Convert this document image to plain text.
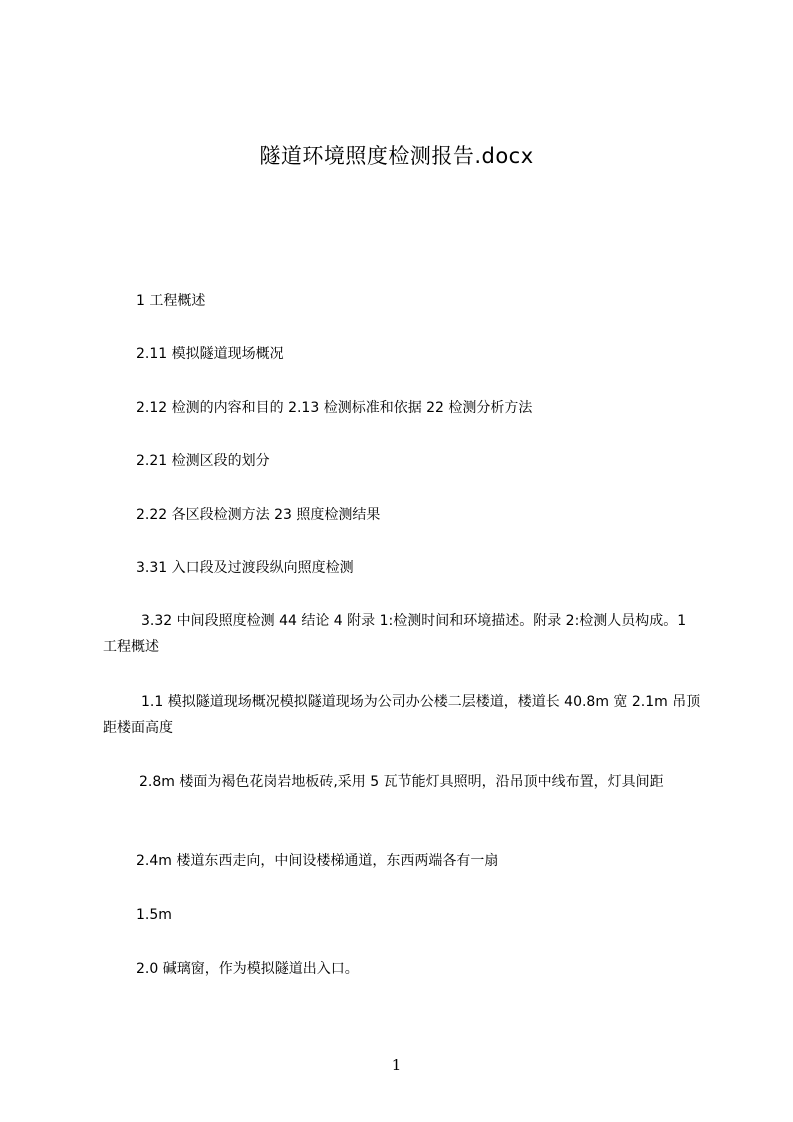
隧道环境照度检测报告.docx
1 工程概述
2.11 模拟隧道现场概况
2.12 检测的内容和目的 2.13 检测标准和依据 22 检测分析方法
2.21 检测区段的划分
2.22 各区段检测方法 23 照度检测结果
3.31 入口段及过渡段纵向照度检测
3.32 中间段照度检测 44 结论 4 附录 1:检测时间和环境描述。附录 2:检测人员构成。1 工程概述
1.1 模拟隧道现场概况模拟隧道现场为公司办公楼二层楼道，楼道长 40.8m 宽 2.1m 吊顶距楼面高度
2.8m 楼面为褐色花岗岩地板砖,采用 5 瓦节能灯具照明，沿吊顶中线布置，灯具间距
2.4m 楼道东西走向，中间设楼梯通道，东西两端各有一扇
1.5m
2.0 碱璃窗，作为模拟隧道出入口。
1
